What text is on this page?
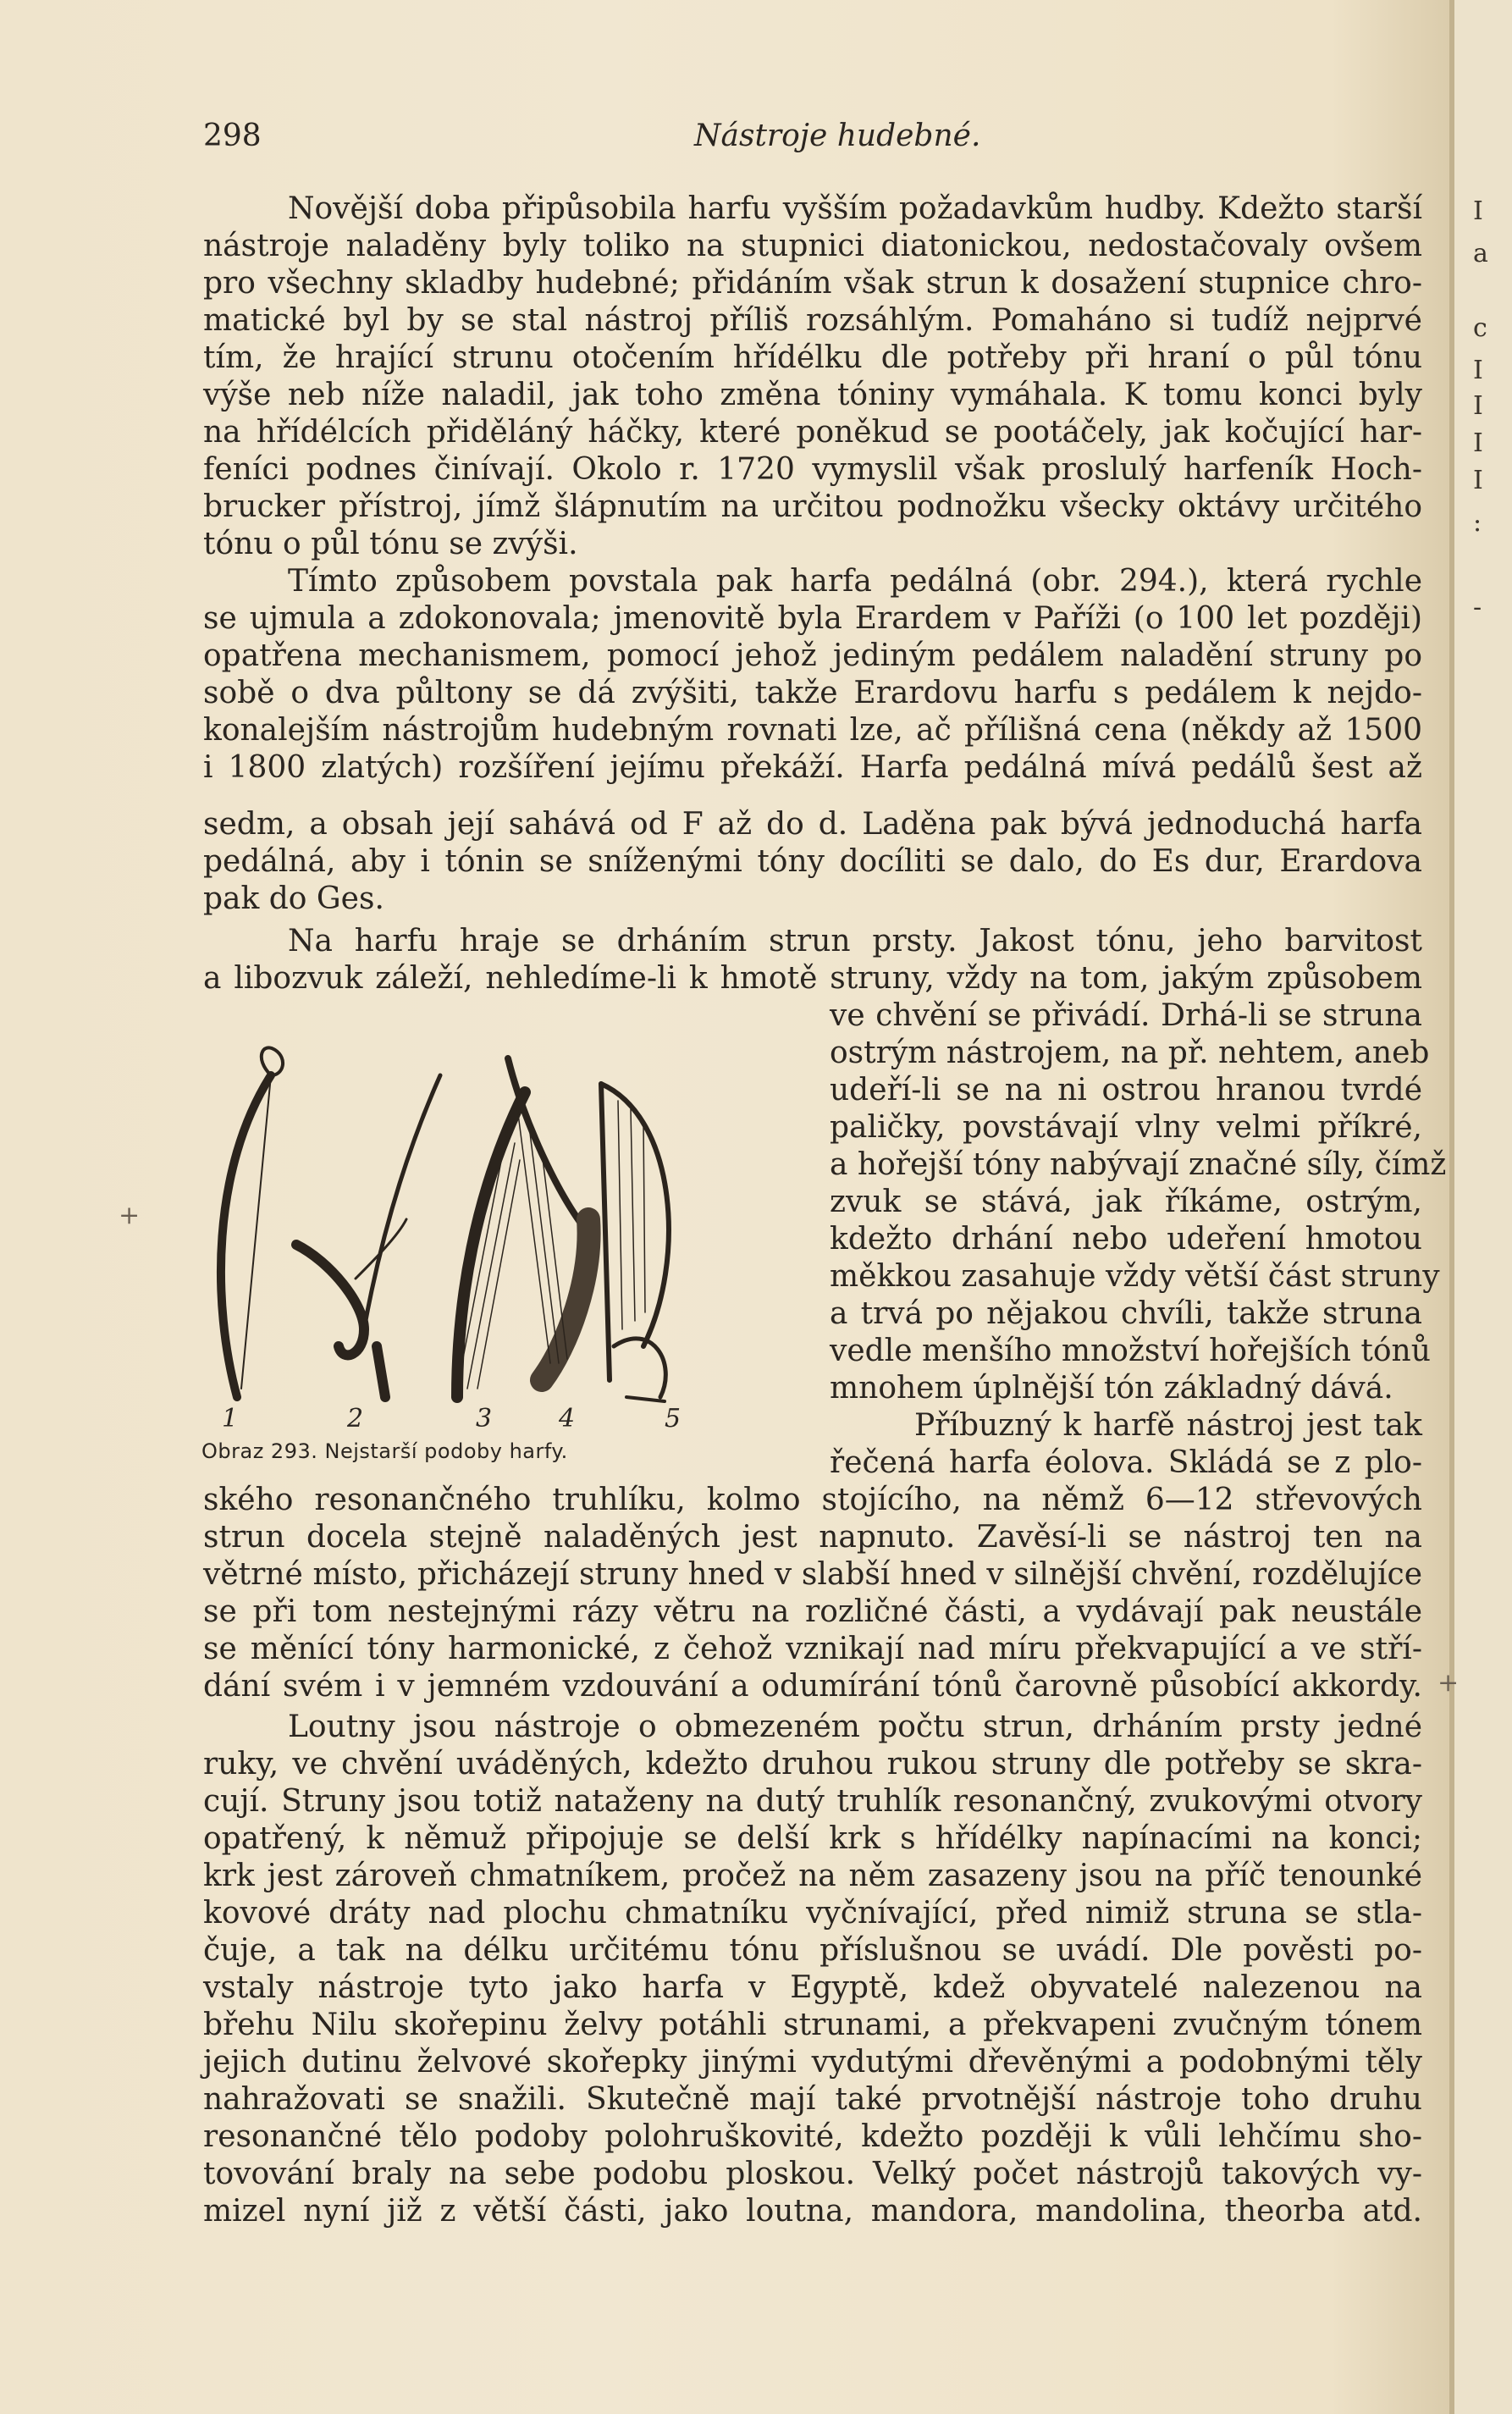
I
a
c
I
I
I
I
:
-
298	Nástroje hudebné.
Novější doba připůsobila harfu vyšším požadavkům hudby. Kdežto starší
nástroje naladěny byly toliko na stupnici diatonickou, nedostačovaly ovšem
pro všechny skladby hudebné; přidáním však strun k dosažení stupnice chro-
matické byl by se stal nástroj příliš rozsáhlým. Pomaháno si tudíž nejprvé
tím, že hrající strunu otočením hřídélku dle potřeby při hraní o půl tónu
výše neb níže naladil, jak toho změna tóniny vymáhala. K tomu konci byly
na hřídélcích přiděláný háčky, které poněkud se pootáčely, jak kočující har-
feníci podnes činívají. Okolo r. 1720 vymyslil však proslulý harfeník Hoch-
brucker přístroj, jímž šlápnutím na určitou podnožku všecky oktávy určitého
tónu o půl tónu se zvýši.
Tímto způsobem povstala pak harfa pedálná (obr. 294.), která rychle
se ujmula a zdokonovala; jmenovitě byla Erardem v Paříži (o 100 let později)
opatřena mechanismem, pomocí jehož jediným pedálem naladění struny po
sobě o dva půltony se dá zvýšiti, takže Erardovu harfu s pedálem k nejdo-
konalejším nástrojům hudebným rovnati lze, ač přílišná cena (někdy až 1500
i 1800 zlatých) rozšíření jejímu překáží. Harfa pedálná mívá pedálů šest až
sedm, a obsah její sahává od F až do d. Laděna pak bývá jednoduchá harfa
pedálná, aby i tónin se sníženými tóny docíliti se dalo, do Es dur, Erardova
pak do Ges.
Na harfu hraje se drháním strun prsty. Jakost tónu, jeho barvitost
a libozvuk záleží, nehledíme-li k hmotě struny, vždy na tom, jakým způsobem
ve chvění se přivádí. Drhá-li se struna
ostrým nástrojem, na př. nehtem, aneb
udeří-li se na ni ostrou hranou tvrdé
paličky, povstávají vlny velmi příkré,
a hořejší tóny nabývají značné síly, čímž
zvuk se stává, jak říkáme, ostrým,
kdežto drhání nebo udeření hmotou
měkkou zasahuje vždy větší část struny
a trvá po nějakou chvíli, takže struna
vedle menšího množství hořejších tónů
mnohem úplnější tón základný dává.
Příbuzný k harfě nástroj jest tak
řečená harfa éolova. Skládá se z plo-
1	2	3	4	5
Obraz 293. Nejstarší podoby harfy.
ského resonančného truhlíku, kolmo stojícího, na němž 6—12 střevových
strun docela stejně naladěných jest napnuto. Zavěsí-li se nástroj ten na
větrné místo, přicházejí struny hned v slabší hned v silnější chvění, rozdělujíce
se při tom nestejnými rázy větru na rozličné části, a vydávají pak neustále
se měnící tóny harmonické, z čehož vznikají nad míru překvapující a ve stří-
dání svém i v jemném vzdouvání a odumírání tónů čarovně působící akkordy.
Loutny jsou nástroje o obmezeném počtu strun, drháním prsty jedné
ruky, ve chvění uváděných, kdežto druhou rukou struny dle potřeby se skra-
cují. Struny jsou totiž nataženy na dutý truhlík resonančný, zvukovými otvory
opatřený, k němuž připojuje se delší krk s hřídélky napínacími na konci;
krk jest zároveň chmatníkem, pročež na něm zasazeny jsou na příč tenounké
kovové dráty nad plochu chmatníku vyčnívající, před nimiž struna se stla-
čuje, a tak na délku určitému tónu příslušnou se uvádí. Dle pověsti po-
vstaly nástroje tyto jako harfa v Egyptě, kdež obyvatelé nalezenou na
břehu Nilu skořepinu želvy potáhli strunami, a překvapeni zvučným tónem
jejich dutinu želvové skořepky jinými vydutými dřevěnými a podobnými těly
nahražovati se snažili. Skutečně mají také prvotnější nástroje toho druhu
resonančné tělo podoby polohruškovité, kdežto později k vůli lehčímu sho-
tovování braly na sebe podobu ploskou. Velký počet nástrojů takových vy-
mizel nyní již z větší části, jako loutna, mandora, mandolina, theorba atd.
+
+
